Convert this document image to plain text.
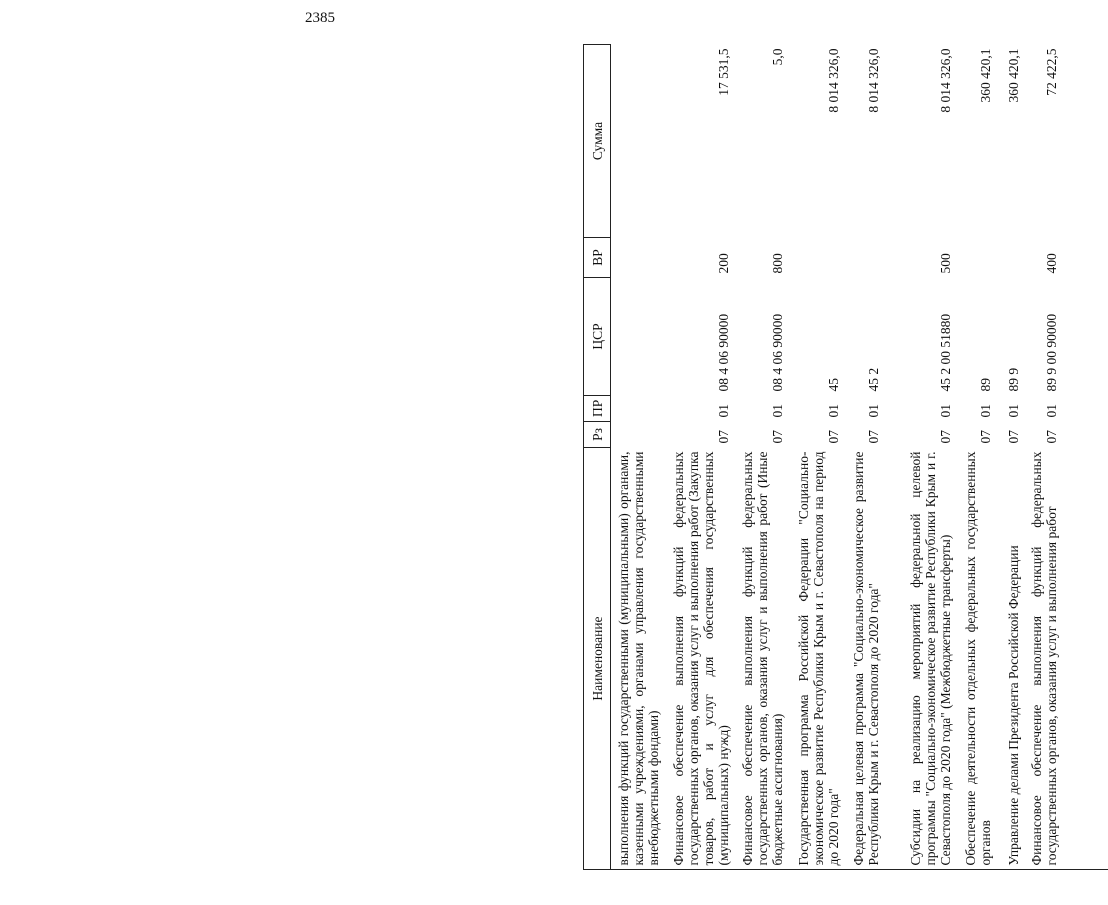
2385
Наименование	Рз	ПР	ЦСР	ВР	Сумма
выполнения функций государственными (муниципальными) органами, казенными учреждениями, органами управления государственными внебюджетными фондами)					
Финансовое обеспечение выполнения функций федеральных государственных органов, оказания услуг и выполнения работ (Закупка товаров, работ и услуг для обеспечения государственных (муниципальных) нужд)	07	01	08 4 06 90000	200	17 531,5
Финансовое обеспечение выполнения функций федеральных государственных органов, оказания услуг и выполнения работ (Иные бюджетные ассигнования)	07	01	08 4 06 90000	800	5,0
Государственная программа Российской Федерации "Социально-экономическое развитие Республики Крым и г. Севастополя на период до 2020 года"	07	01	45		8 014 326,0
Федеральная целевая программа "Социально-экономическое развитие Республики Крым и г. Севастополя до 2020 года"	07	01	45 2		8 014 326,0
Субсидии на реализацию мероприятий федеральной целевой программы "Социально-экономическое развитие Республики Крым и г. Севастополя до 2020 года" (Межбюджетные трансферты)	07	01	45 2 00 51880	500	8 014 326,0
Обеспечение деятельности отдельных федеральных государственных органов	07	01	89		360 420,1
Управление делами Президента Российской Федерации	07	01	89 9		360 420,1
Финансовое обеспечение выполнения функций федеральных государственных органов, оказания услуг и выполнения работ	07	01	89 9 00 90000	400	72 422,5
